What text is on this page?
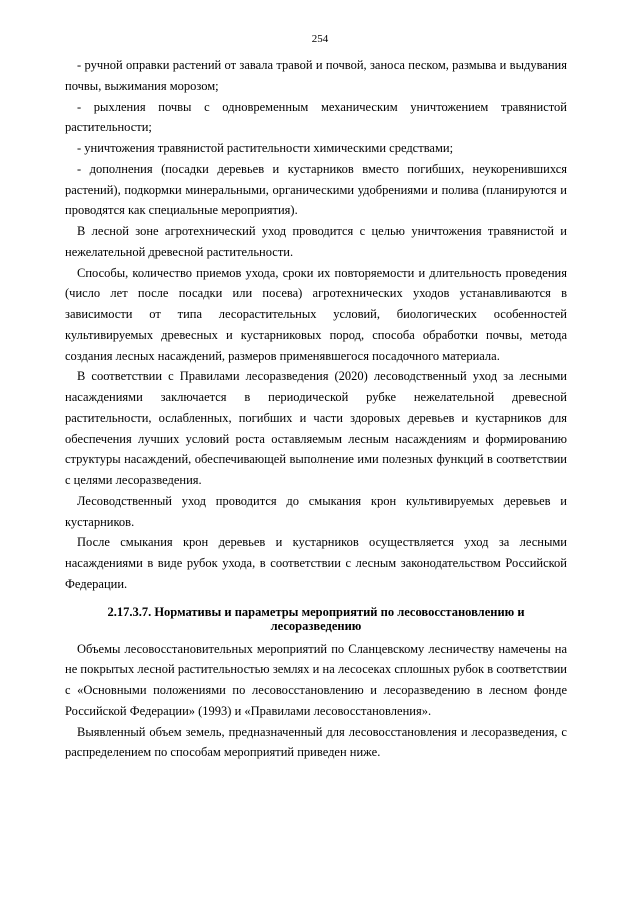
254

- ручной оправки растений от завала травой и почвой, заноса песком, размыва и выдувания почвы, выжимания морозом;

- рыхления почвы с одновременным механическим уничтожением травянистой растительности;

- уничтожения травянистой растительности химическими средствами;

- дополнения (посадки деревьев и кустарников вместо погибших, неукоренившихся растений), подкормки минеральными, органическими удобрениями и полива (планируются и проводятся как специальные мероприятия).

В лесной зоне агротехнический уход проводится с целью уничтожения травянистой и нежелательной древесной растительности.

Способы, количество приемов ухода, сроки их повторяемости и длительность проведения (число лет после посадки или посева) агротехнических уходов устанавливаются в зависимости от типа лесорастительных условий, биологических особенностей культивируемых древесных и кустарниковых пород, способа обработки почвы, метода создания лесных насаждений, размеров применявшегося посадочного материала.

В соответствии с Правилами лесоразведения (2020) лесоводственный уход за лесными насаждениями заключается в периодической рубке нежелательной древесной растительности, ослабленных, погибших и части здоровых деревьев и кустарников для обеспечения лучших условий роста оставляемым лесным насаждениям и формированию структуры насаждений, обеспечивающей выполнение ими полезных функций в соответствии с целями лесоразведения.

Лесоводственный уход проводится до смыкания крон культивируемых деревьев и кустарников.

После смыкания крон деревьев и кустарников осуществляется уход за лесными насаждениями в виде рубок ухода, в соответствии с лесным законодательством Российской Федерации.

2.17.3.7. Нормативы и параметры мероприятий по лесовосстановлению и лесоразведению

Объемы лесовосстановительных мероприятий по Сланцевскому лесничеству намечены на не покрытых лесной растительностью землях и на лесосеках сплошных рубок в соответствии с «Основными положениями по лесовосстановлению и лесоразведению в лесном фонде Российской Федерации» (1993) и «Правилами лесовосстановления».

Выявленный объем земель, предназначенный для лесовосстановления и лесоразведения, с распределением по способам мероприятий приведен ниже.
